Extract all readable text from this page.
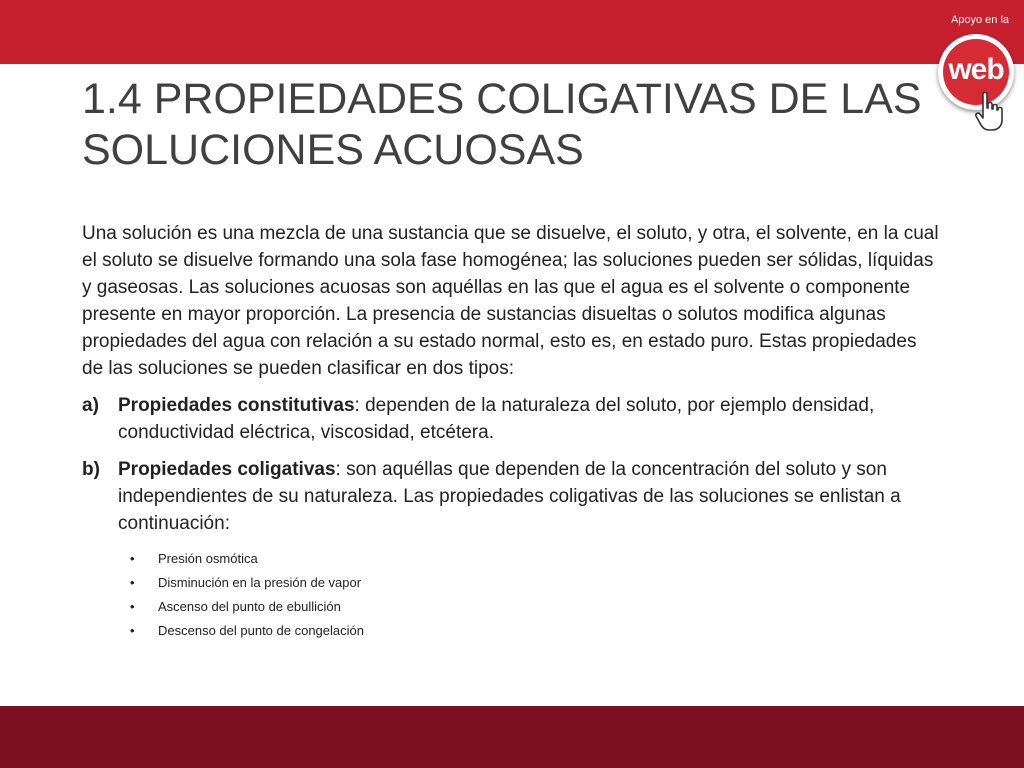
Apoyo en la
web
1.4 PROPIEDADES COLIGATIVAS DE LAS SOLUCIONES ACUOSAS

Una solución es una mezcla de una sustancia que se disuelve, el soluto, y otra, el solvente, en la cual el soluto se disuelve formando una sola fase homogénea; las soluciones pueden ser sólidas, líquidas y gaseosas. Las soluciones acuosas son aquéllas en las que el agua es el solvente o componente presente en mayor proporción. La presencia de sustancias disueltas o solutos modifica algunas propiedades del agua con relación a su estado normal, esto es, en estado puro. Estas propiedades de las soluciones se pueden clasificar en dos tipos:

a) Propiedades constitutivas: dependen de la naturaleza del soluto, por ejemplo densidad, conductividad eléctrica, viscosidad, etcétera.
b) Propiedades coligativas: son aquéllas que dependen de la concentración del soluto y son independientes de su naturaleza. Las propiedades coligativas de las soluciones se enlistan a continuación:
• Presión osmótica
• Disminución en la presión de vapor
• Ascenso del punto de ebullición
• Descenso del punto de congelación
